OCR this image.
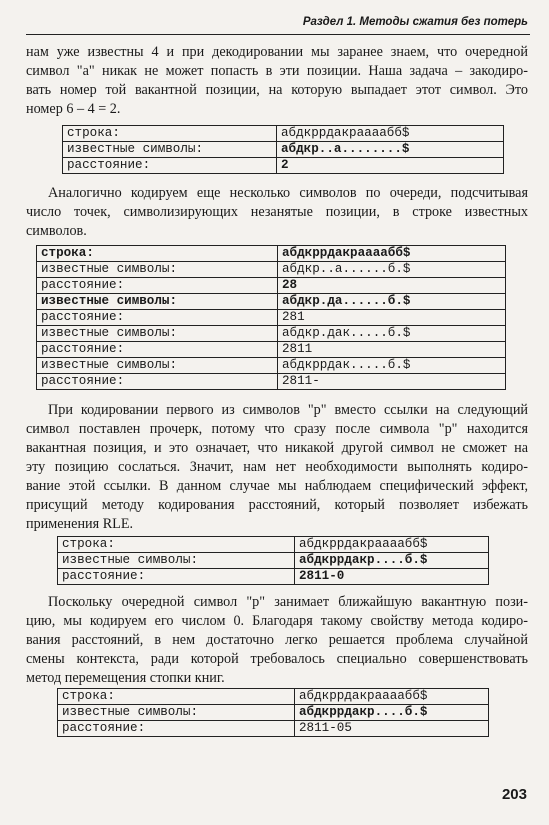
Раздел 1. Методы сжатия без потерь
нам уже известны 4 и при декодировании мы заранее знаем, что очередной
символ "а" никак не может попасть в эти позиции. Наша задача – закодиро-
вать номер той вакантной позиции, на которую выпадает этот символ. Это
номер 6 – 4 = 2.
строка:	абдкррдакраааабб$
известные символы:	абдкр..а........$
расстояние:	2
Аналогично кодируем еще несколько символов по очереди, подсчитывая
число точек, символизирующих незанятые позиции, в строке известных
символов.
строка:	абдкррдакраааабб$
известные символы:	абдкр..а......б.$
расстояние:	28
известные символы:	абдкр.да......б.$
расстояние:	281
известные символы:	абдкр.дак.....б.$
расстояние:	2811
известные символы:	абдкррдак.....б.$
расстояние:	2811-
При кодировании первого из символов "р" вместо ссылки на следующий
символ поставлен прочерк, потому что сразу после символа "р" находится
вакантная позиция, и это означает, что никакой другой символ не сможет на
эту позицию сослаться. Значит, нам нет необходимости выполнять кодиро-
вание этой ссылки. В данном случае мы наблюдаем специфический эффект,
присущий методу кодирования расстояний, который позволяет избежать
применения RLE.
строка:	абдкррдакраааабб$
известные символы:	абдкррдакр....б.$
расстояние:	2811-0
Поскольку очередной символ "р" занимает ближайшую вакантную пози-
цию, мы кодируем его числом 0. Благодаря такому свойству метода кодиро-
вания расстояний, в нем достаточно легко решается проблема случайной
смены контекста, ради которой требовалось специально совершенствовать
метод перемещения стопки книг.
строка:	абдкррдакраааабб$
известные символы:	абдкррдакр....б.$
расстояние:	2811-05
203
